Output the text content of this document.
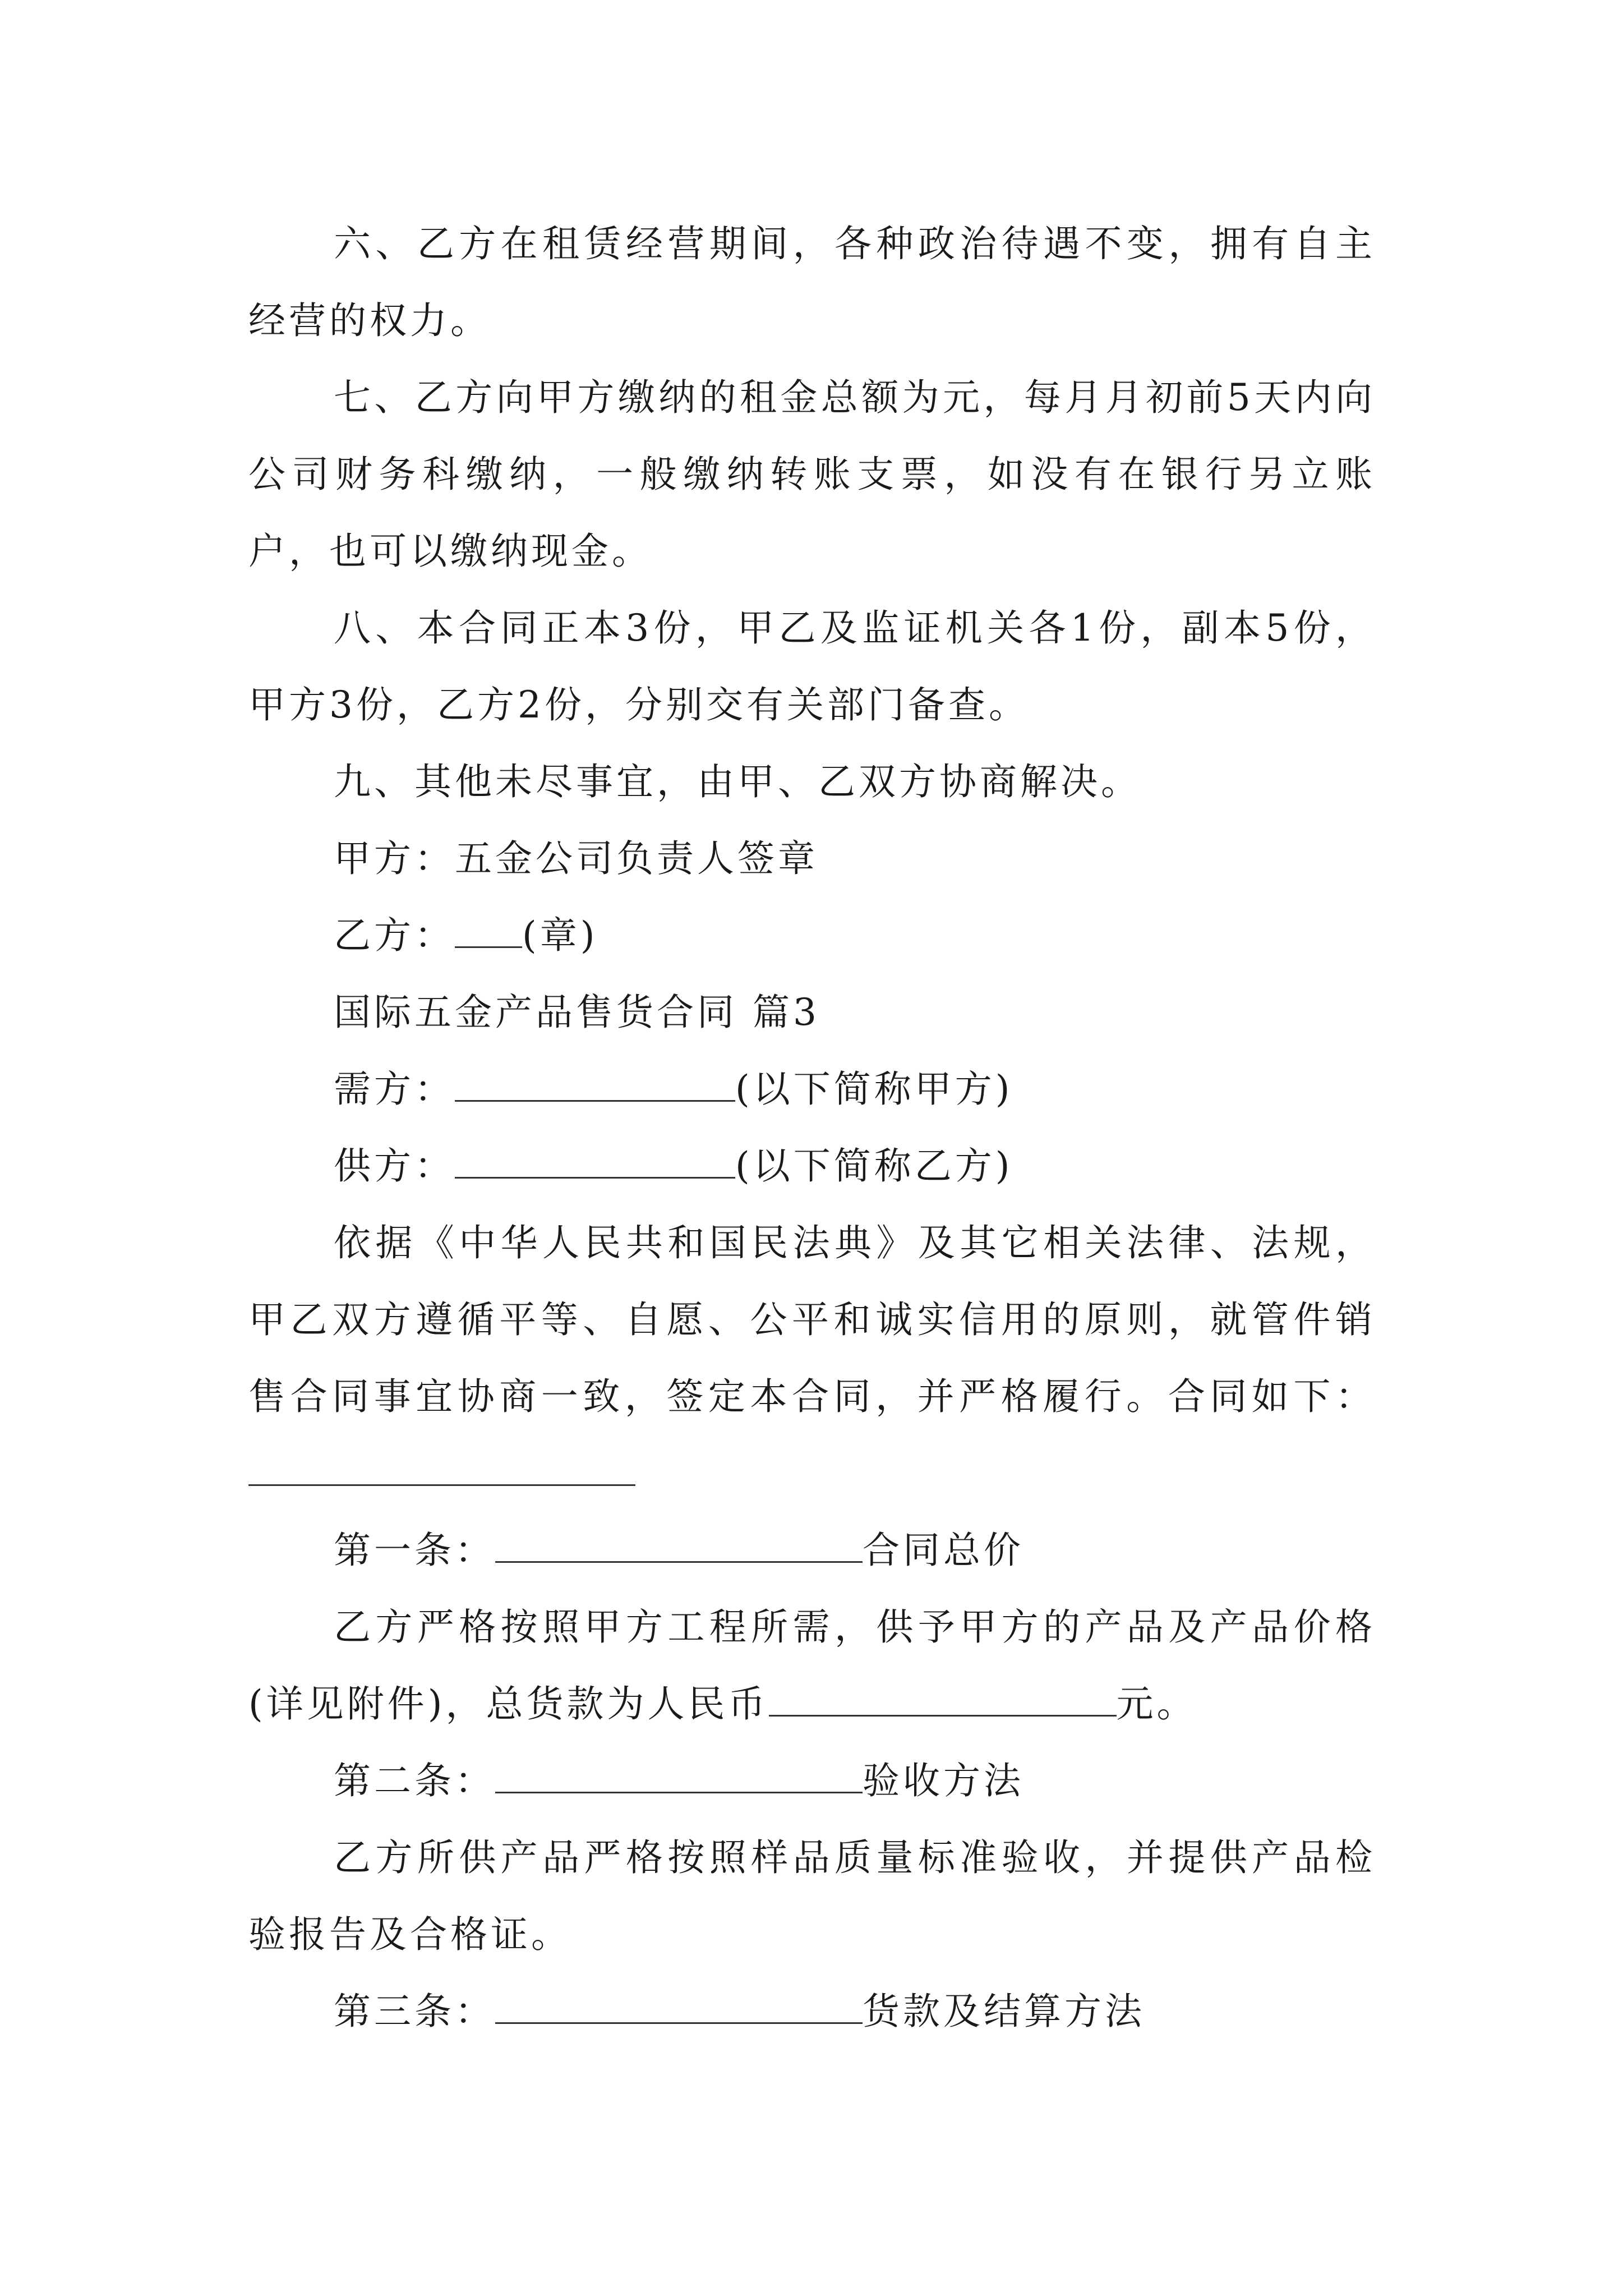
六、乙方在租赁经营期间，各种政治待遇不变，拥有自主经营的权力。

七、乙方向甲方缴纳的租金总额为元，每月月初前5天内向公司财务科缴纳，一般缴纳转账支票，如没有在银行另立账户，也可以缴纳现金。

八、本合同正本3份，甲乙及监证机关各1份，副本5份，甲方3份，乙方2份，分别交有关部门备查。

九、其他未尽事宜，由甲、乙双方协商解决。

甲方：五金公司负责人签章

乙方： (章)

国际五金产品售货合同 篇3

需方：	(以下简称甲方)

供方：	(以下简称乙方)

依据《中华人民共和国民法典》及其它相关法律、法规，甲乙双方遵循平等、自愿、公平和诚实信用的原则，就管件销售合同事宜协商一致，签定本合同，并严格履行。合同如下：

第一条：	合同总价

乙方严格按照甲方工程所需，供予甲方的产品及产品价格(详见附件)，总货款为人民币	元。

第二条：	验收方法

乙方所供产品严格按照样品质量标准验收，并提供产品检验报告及合格证。

第三条：	货款及结算方法
